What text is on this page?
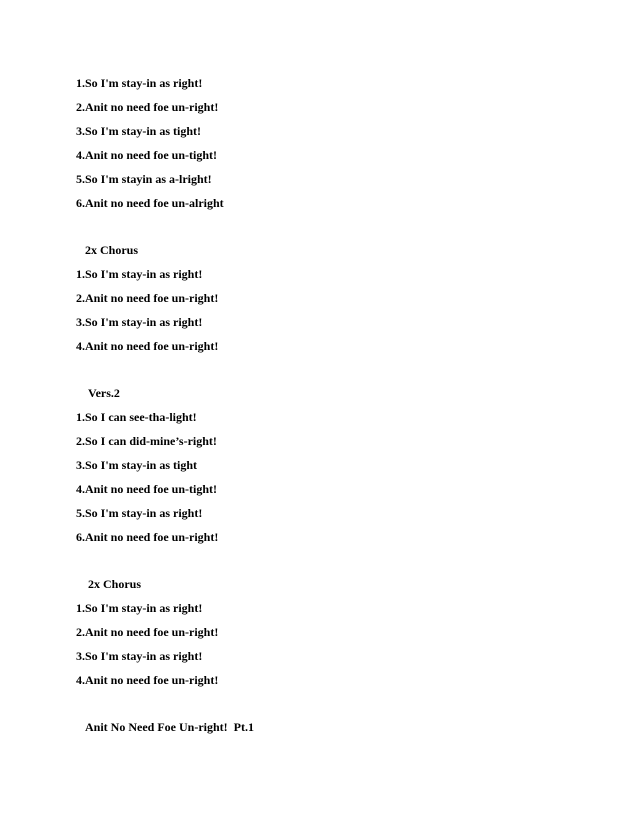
1.So I'm stay-in as right!
2.Anit no need foe un-right!
3.So I'm stay-in as tight!
4.Anit no need foe un-tight!
5.So I'm stayin as a-lright!
6.Anit no need foe un-alright
2x Chorus
1.So I'm stay-in as right!
2.Anit no need foe un-right!
3.So I'm stay-in as right!
4.Anit no need foe un-right!
Vers.2
1.So I can see-tha-light!
2.So I can did-mine’s-right!
3.So I'm stay-in as tight
4.Anit no need foe un-tight!
5.So I'm stay-in as right!
6.Anit no need foe un-right!
2x Chorus
1.So I'm stay-in as right!
2.Anit no need foe un-right!
3.So I'm stay-in as right!
4.Anit no need foe un-right!
Anit No Need Foe Un-right!  Pt.1
